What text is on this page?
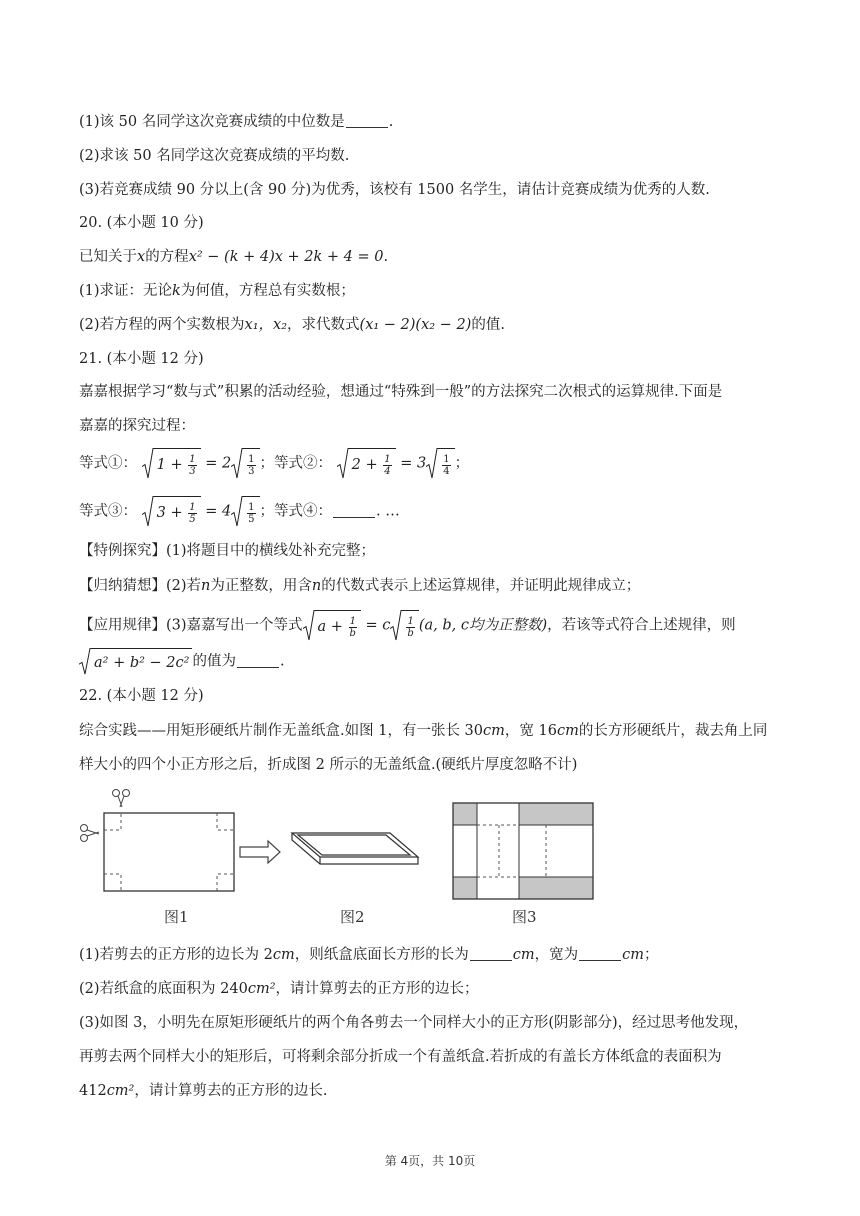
(1)该 50 名同学这次竞赛成绩的中位数是	.
(2)求该 50 名同学这次竞赛成绩的平均数.
(3)若竞赛成绩 90 分以上(含 90 分)为优秀，该校有 1500 名学生，请估计竞赛成绩为优秀的人数.
20. (本小题 10 分)
已知关于x的方程x² − (k + 4)x + 2k + 4 = 0.
(1)求证：无论k为何值，方程总有实数根；
(2)若方程的两个实数根为x₁，x₂，求代数式(x₁ − 2)(x₂ − 2)的值.
21. (本小题 12 分)
嘉嘉根据学习“数与式”积累的活动经验，想通过“特殊到一般”的方法探究二次根式的运算规律.下面是
嘉嘉的探究过程：
等式①： $1 + \frac{1}{3} = 2 \frac{1}{3}$ ；等式②： $2 + \frac{1}{4} = 3 \frac{1}{4}$ ；
等式③： $3 + \frac{1}{5} = 4 \frac{1}{5}$ ；等式④：	. …
【特例探究】(1)将题目中的横线处补充完整；
【归纳猜想】(2)若n为正整数，用含n的代数式表示上述运算规律，并证明此规律成立；
【应用规律】(3)嘉嘉写出一个等式 $a + \frac{1}{b} = c \frac{1}{b} (a$, b, c均为正整数)，若该等式符合上述规律，则
a² + b² − 2c² 的值为	.
22. (本小题 12 分)
综合实践——用矩形硬纸片制作无盖纸盒.如图 1，有一张长 30cm，宽 16cm的长方形硬纸片，裁去角上同
样大小的四个小正方形之后，折成图 2 所示的无盖纸盒.(硬纸片厚度忽略不计)
图1	图2	图3
(1)若剪去的正方形的边长为 2cm，则纸盒底面长方形的长为	cm，宽为	cm；
(2)若纸盒的底面积为 240cm²，请计算剪去的正方形的边长；
(3)如图 3，小明先在原矩形硬纸片的两个角各剪去一个同样大小的正方形(阴影部分)，经过思考他发现，
再剪去两个同样大小的矩形后，可将剩余部分折成一个有盖纸盒.若折成的有盖长方体纸盒的表面积为
412cm²，请计算剪去的正方形的边长.
第 4页，共 10页
